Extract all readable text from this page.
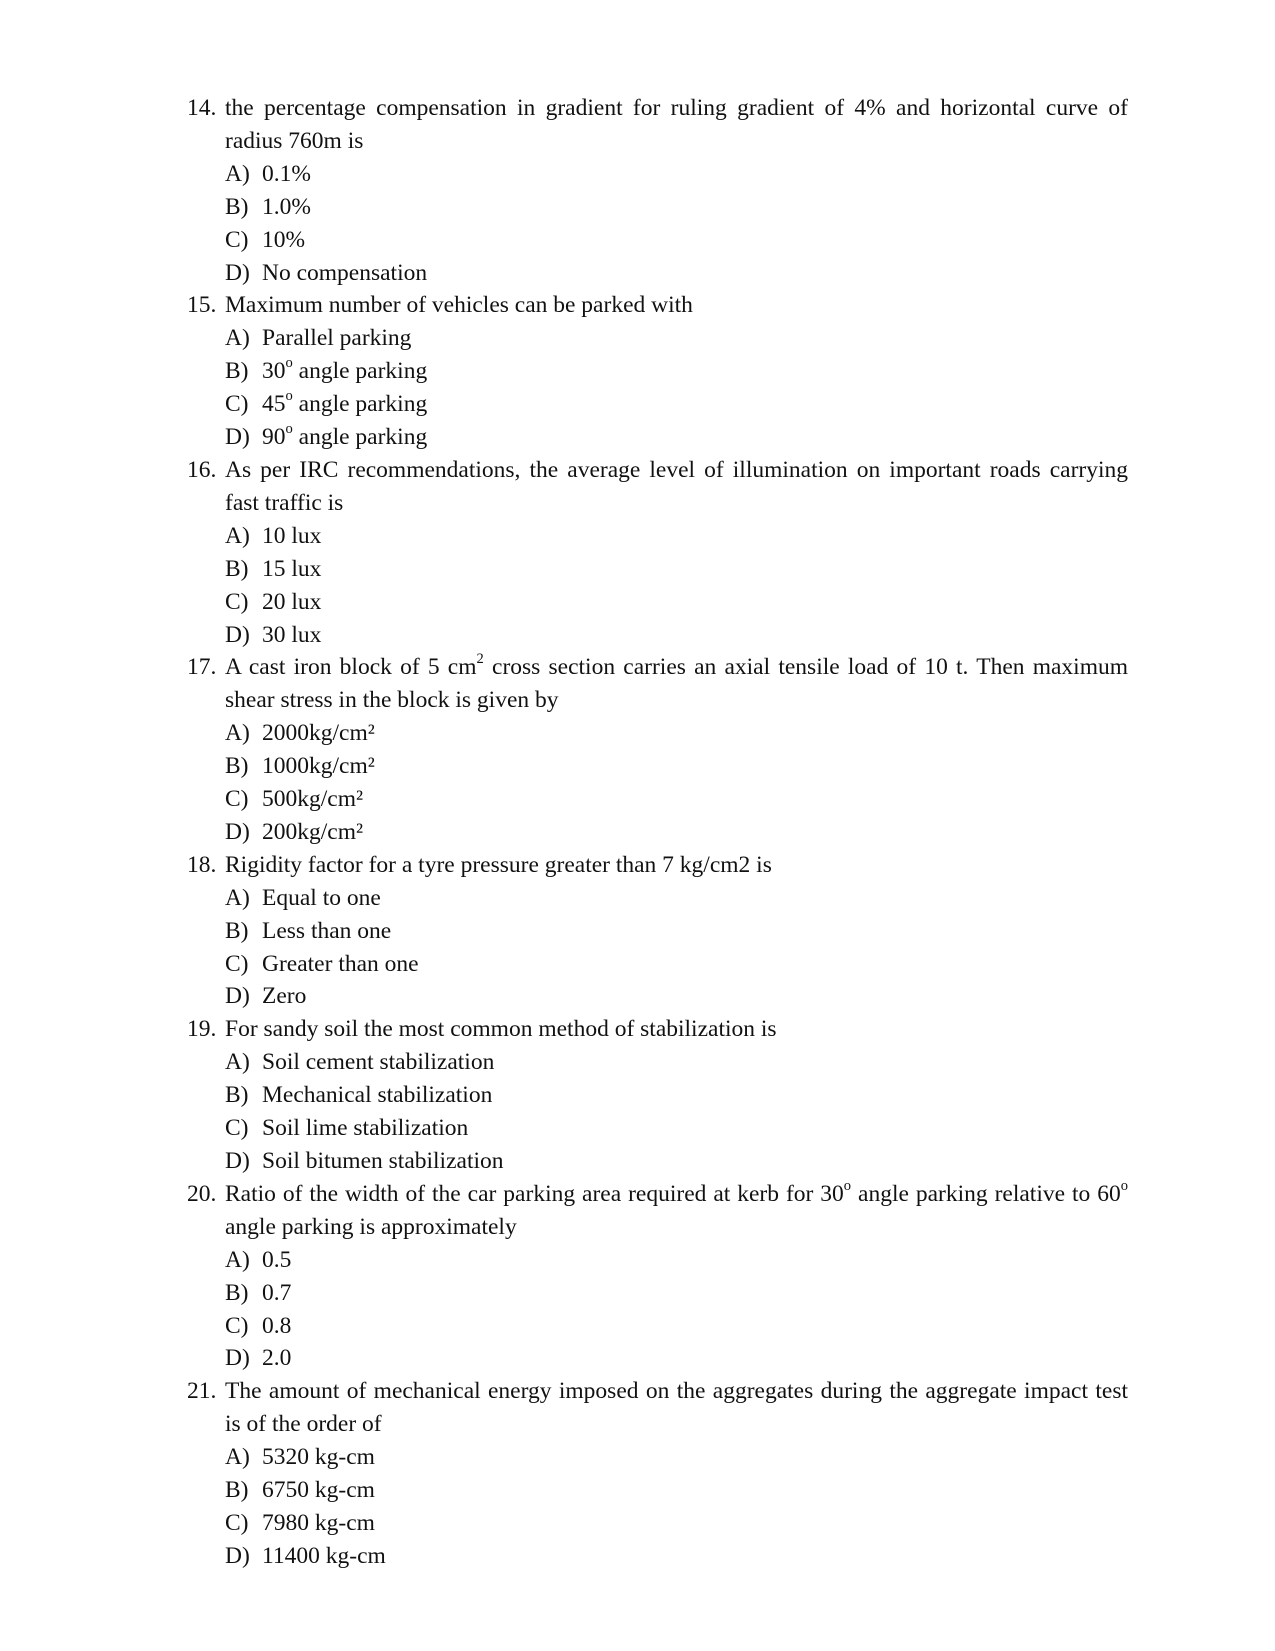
14. the percentage compensation in gradient for ruling gradient of 4% and horizontal curve of radius 760m is
A) 0.1%
B) 1.0%
C) 10%
D) No compensation
15. Maximum number of vehicles can be parked with
A) Parallel parking
B) 30$^o$ angle parking
C) 45$^o$ angle parking
D) 90$^o$ angle parking
16. As per IRC recommendations, the average level of illumination on important roads carrying fast traffic is
A) 10 lux
B) 15 lux
C) 20 lux
D) 30 lux
17. A cast iron block of 5 $cm^2$ cross section carries an axial tensile load of 10 t. Then maximum shear stress in the block is given by
A) 2000kg/cm²
B) 1000kg/cm²
C) 500kg/cm²
D) 200kg/cm²
18. Rigidity factor for a tyre pressure greater than 7 kg/cm2 is
A) Equal to one
B) Less than one
C) Greater than one
D) Zero
19. For sandy soil the most common method of stabilization is
A) Soil cement stabilization
B) Mechanical stabilization
C) Soil lime stabilization
D) Soil bitumen stabilization
20. Ratio of the width of the car parking area required at kerb for 30$^o$ angle parking relative to 60$^o$ angle parking is approximately
A) 0.5
B) 0.7
C) 0.8
D) 2.0
21. The amount of mechanical energy imposed on the aggregates during the aggregate impact test is of the order of
A) 5320 kg-cm
B) 6750 kg-cm
C) 7980 kg-cm
D) 11400 kg-cm
